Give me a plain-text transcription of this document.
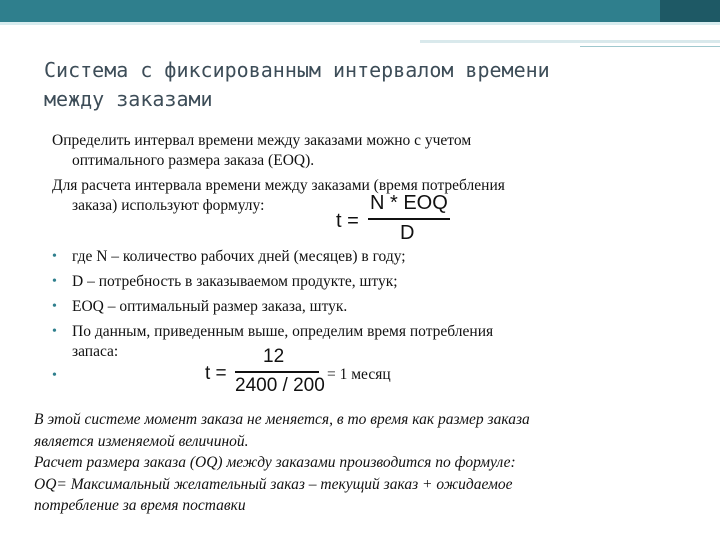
Система с фиксированным интервалом времени
между заказами

Определить интервал времени между заказами можно с учетом
оптимального размера заказа (EOQ).

Для расчета интервала времени между заказами (время потребления
заказа) используют формулу:

t =
N * EOQ
D
• где N – количество рабочих дней (месяцев) в году;
• D – потребность в заказываемом продукте, штук;
• EOQ – оптимальный размер заказа, штук.
• По данным, приведенным выше, определим время потребления
запаса:
•	t =
12
2400 / 200
= 1 месяц
В этой системе момент заказа не меняется, в то время как размер заказа
является изменяемой величиной.
Расчет размера заказа (OQ) между заказами производится по формуле:
OQ= Максимальный желательный заказ – текущий заказ + ожидаемое
потребление за время поставки
